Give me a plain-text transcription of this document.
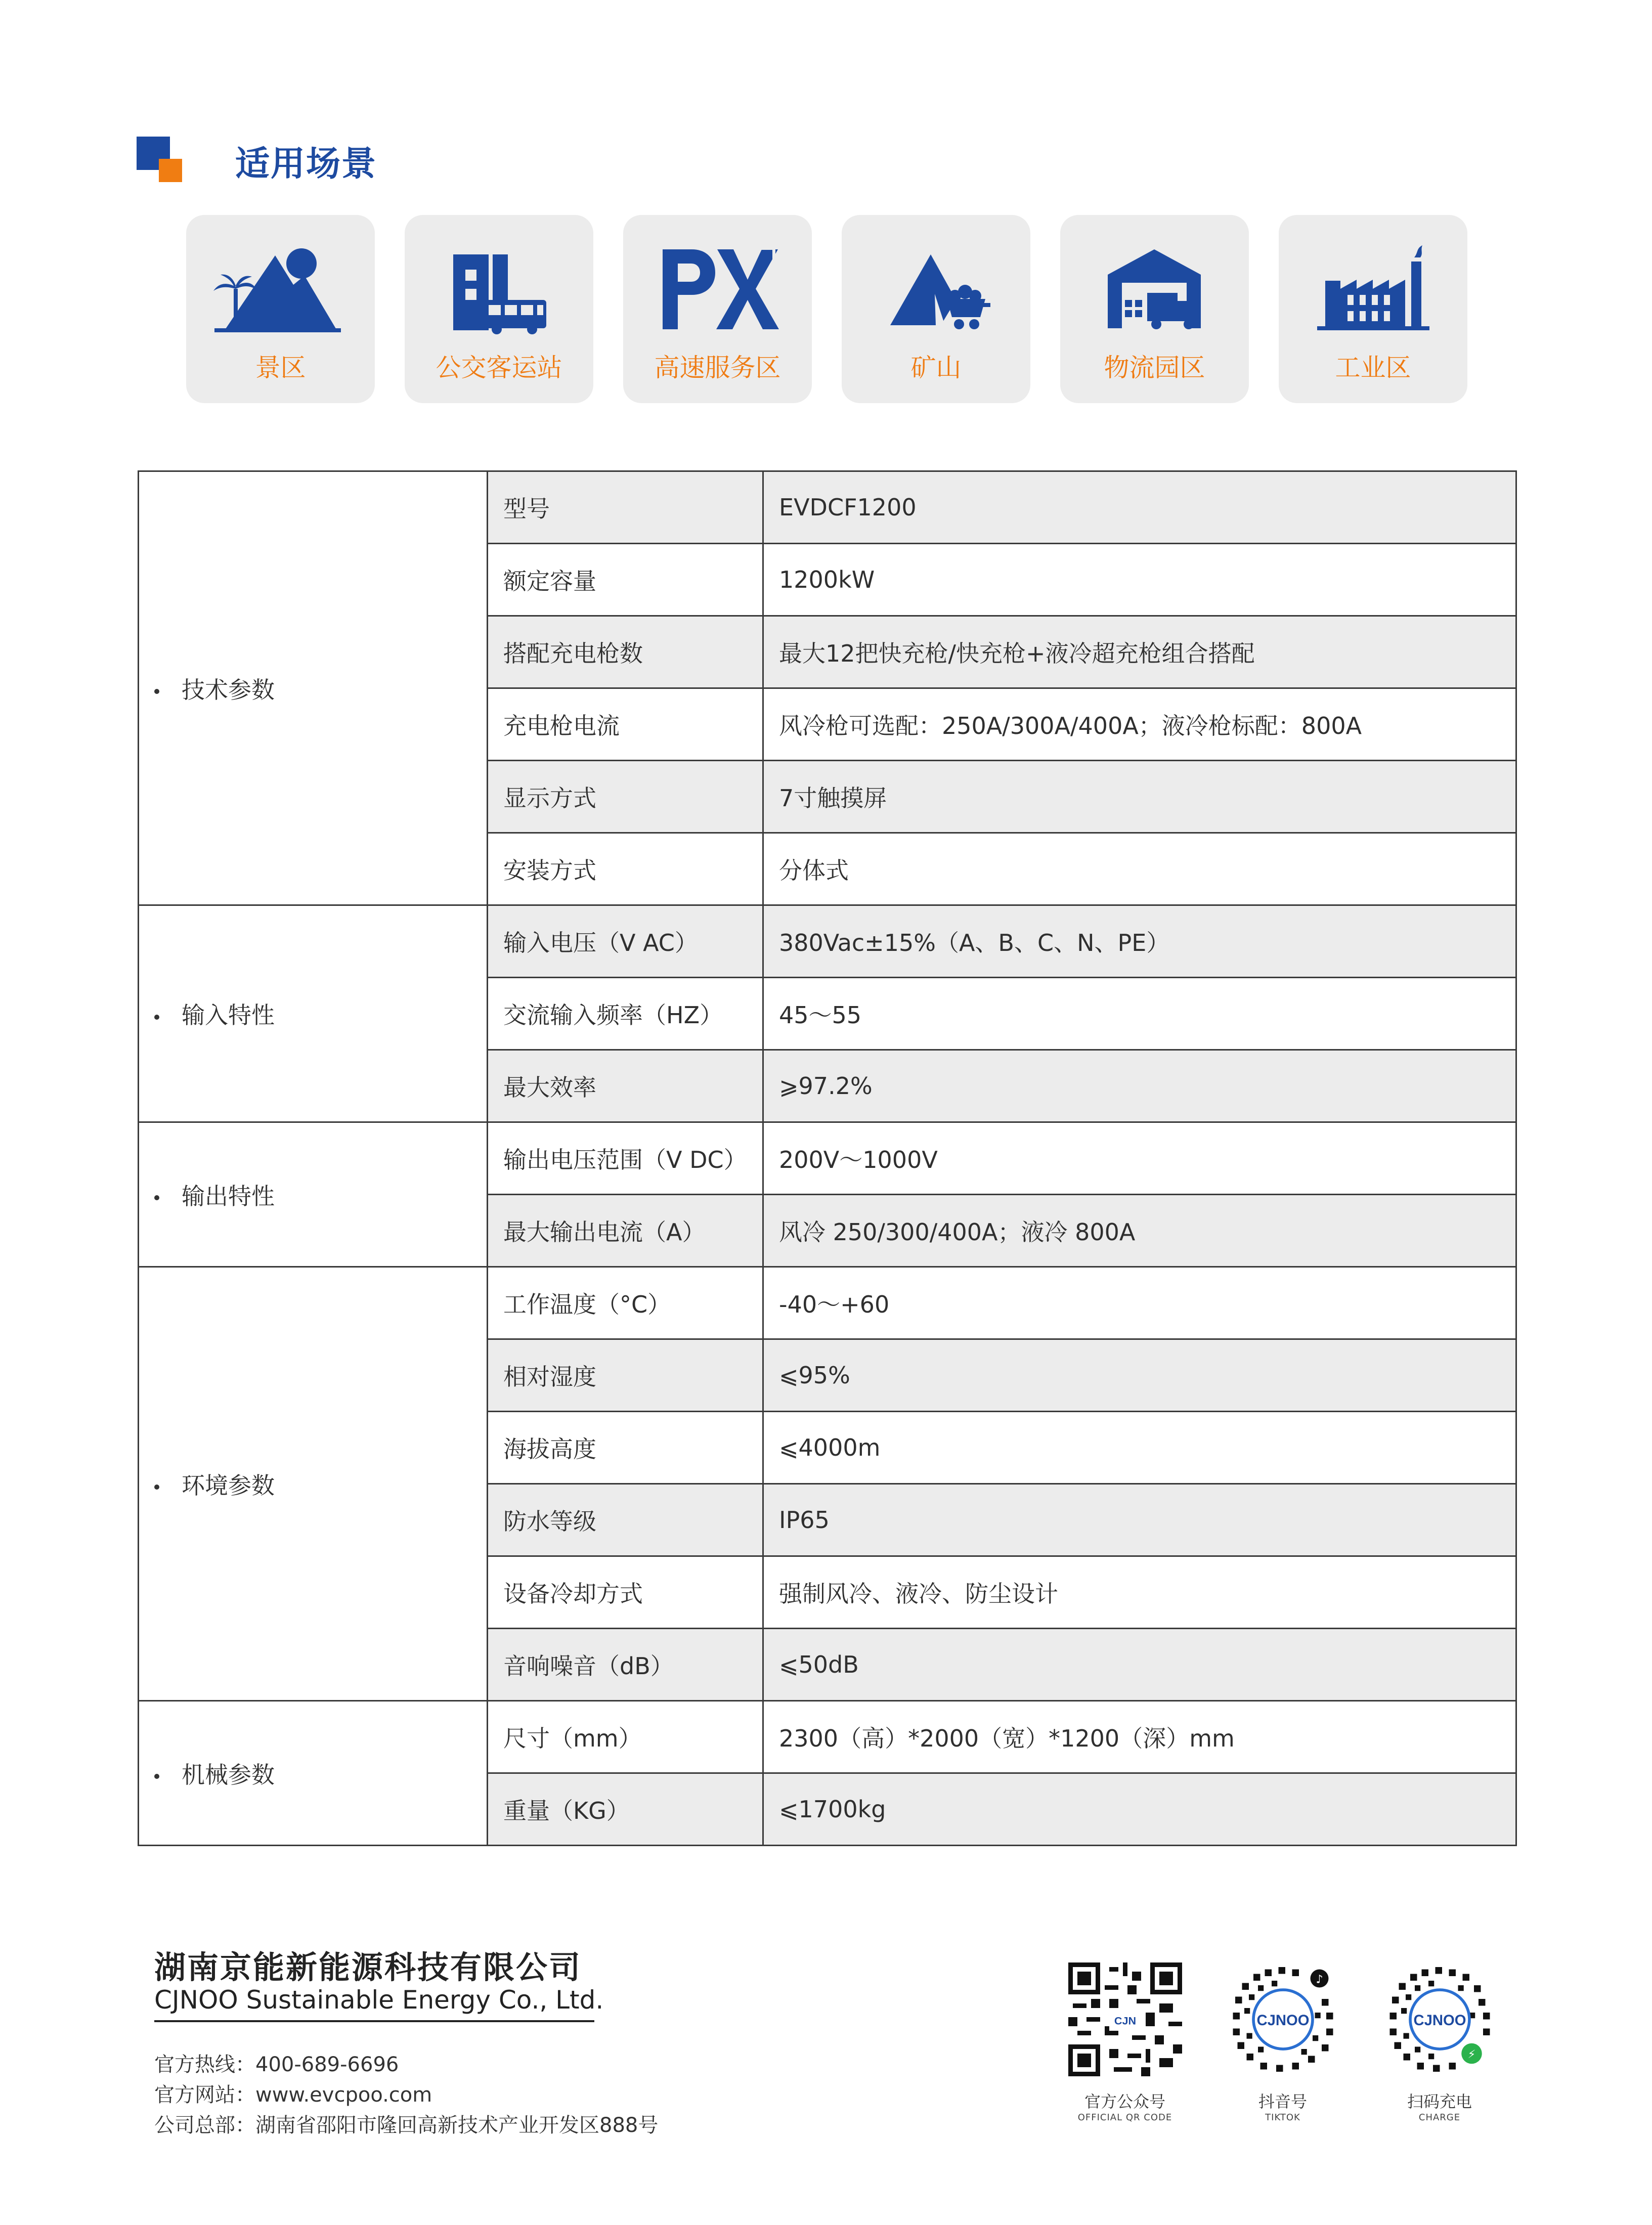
适用场景
景区	公交客运站	高速服务区	矿山	物流园区	工业区
技术参数	型号	EVDCF1200
	额定容量	1200kW
	搭配充电枪数	最大12把快充枪/快充枪+液冷超充枪组合搭配
	充电枪电流	风冷枪可选配：250A/300A/400A；液冷枪标配：800A
	显示方式	7寸触摸屏
	安装方式	分体式
输入特性	输入电压（V AC）	380Vac±15%（A、B、C、N、PE）
	交流输入频率（HZ）	45～55
	最大效率	⩾97.2%
输出特性	输出电压范围（V DC）	200V～1000V
	最大输出电流（A）	风冷 250/300/400A；液冷 800A
环境参数	工作温度（°C）	-40～+60
	相对湿度	⩽95%
	海拔高度	⩽4000m
	防水等级	IP65
	设备冷却方式	强制风冷、液冷、防尘设计
	音响噪音（dB）	⩽50dB
机械参数	尺寸（mm）	2300（高）*2000（宽）*1200（深）mm
	重量（KG）	⩽1700kg
湖南京能新能源科技有限公司
CJNOO Sustainable Energy Co., Ltd.
官方热线：400-689-6696
官方网站：www.evcpoo.com
公司总部：湖南省邵阳市隆回高新技术产业开发区888号
CJN
官方公众号
OFFICIAL QR CODE
CJNOO
♪
抖音号
TIKTOK
CJNOO
⚡
扫码充电
CHARGE
